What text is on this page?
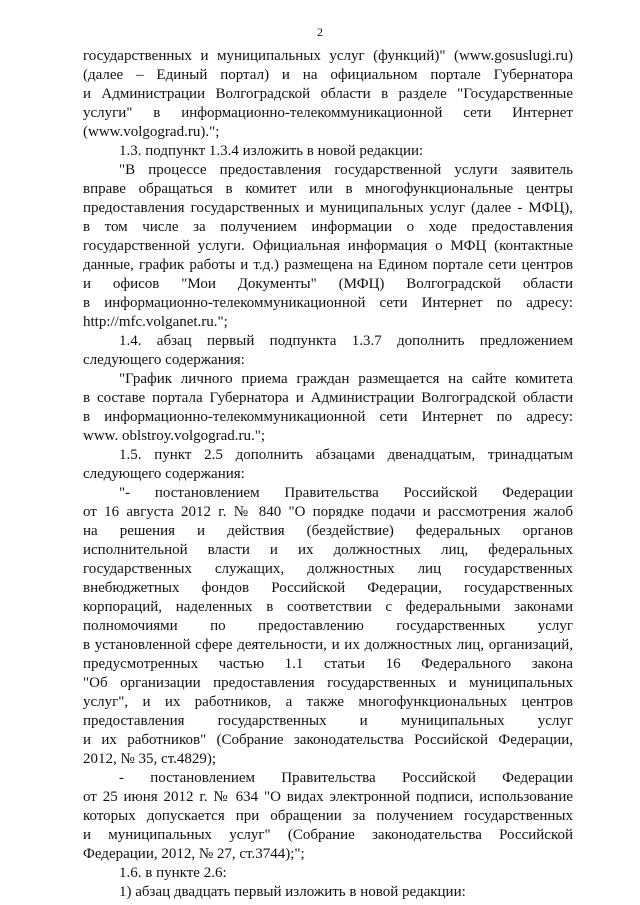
2
государственных и муниципальных услуг (функций)" (www.gosuslugi.ru)
(далее – Единый портал) и на официальном портале Губернатора
и Администрации Волгоградской области в разделе "Государственные
услуги" в информационно-телекоммуникационной сети Интернет
(www.volgograd.ru).";
1.3. подпункт 1.3.4 изложить в новой редакции:
"В процессе предоставления государственной услуги заявитель
вправе обращаться в комитет или в многофункциональные центры
предоставления государственных и муниципальных услуг (далее - МФЦ),
в том числе за получением информации о ходе предоставления
государственной услуги. Официальная информация о МФЦ (контактные
данные, график работы и т.д.) размещена на Едином портале сети центров
и офисов "Мои Документы" (МФЦ) Волгоградской области
в информационно-телекоммуникационной сети Интернет по адресу:
http://mfc.volganet.ru.";
1.4. абзац первый подпункта 1.3.7 дополнить предложением
следующего содержания:
"График личного приема граждан размещается на сайте комитета
в составе портала Губернатора и Администрации Волгоградской области
в информационно-телекоммуникационной сети Интернет по адресу:
www. oblstroy.volgograd.ru.";
1.5. пункт 2.5 дополнить абзацами двенадцатым, тринадцатым
следующего содержания:
"- постановлением Правительства Российской Федерации
от 16 августа 2012 г. № 840 "О порядке подачи и рассмотрения жалоб
на решения и действия (бездействие) федеральных органов
исполнительной власти и их должностных лиц, федеральных
государственных служащих, должностных лиц государственных
внебюджетных фондов Российской Федерации, государственных
корпораций, наделенных в соответствии с федеральными законами
полномочиями по предоставлению государственных услуг
в установленной сфере деятельности, и их должностных лиц, организаций,
предусмотренных частью 1.1 статьи 16 Федерального закона
"Об организации предоставления государственных и муниципальных
услуг", и их работников, а также многофункциональных центров
предоставления государственных и муниципальных услуг
и их работников" (Собрание законодательства Российской Федерации,
2012, № 35, ст.4829);
- постановлением Правительства Российской Федерации
от 25 июня 2012 г. № 634 "О видах электронной подписи, использование
которых допускается при обращении за получением государственных
и муниципальных услуг" (Собрание законодательства Российской
Федерации, 2012, № 27, ст.3744);";
1.6. в пункте 2.6:
1) абзац двадцать первый изложить в новой редакции:
